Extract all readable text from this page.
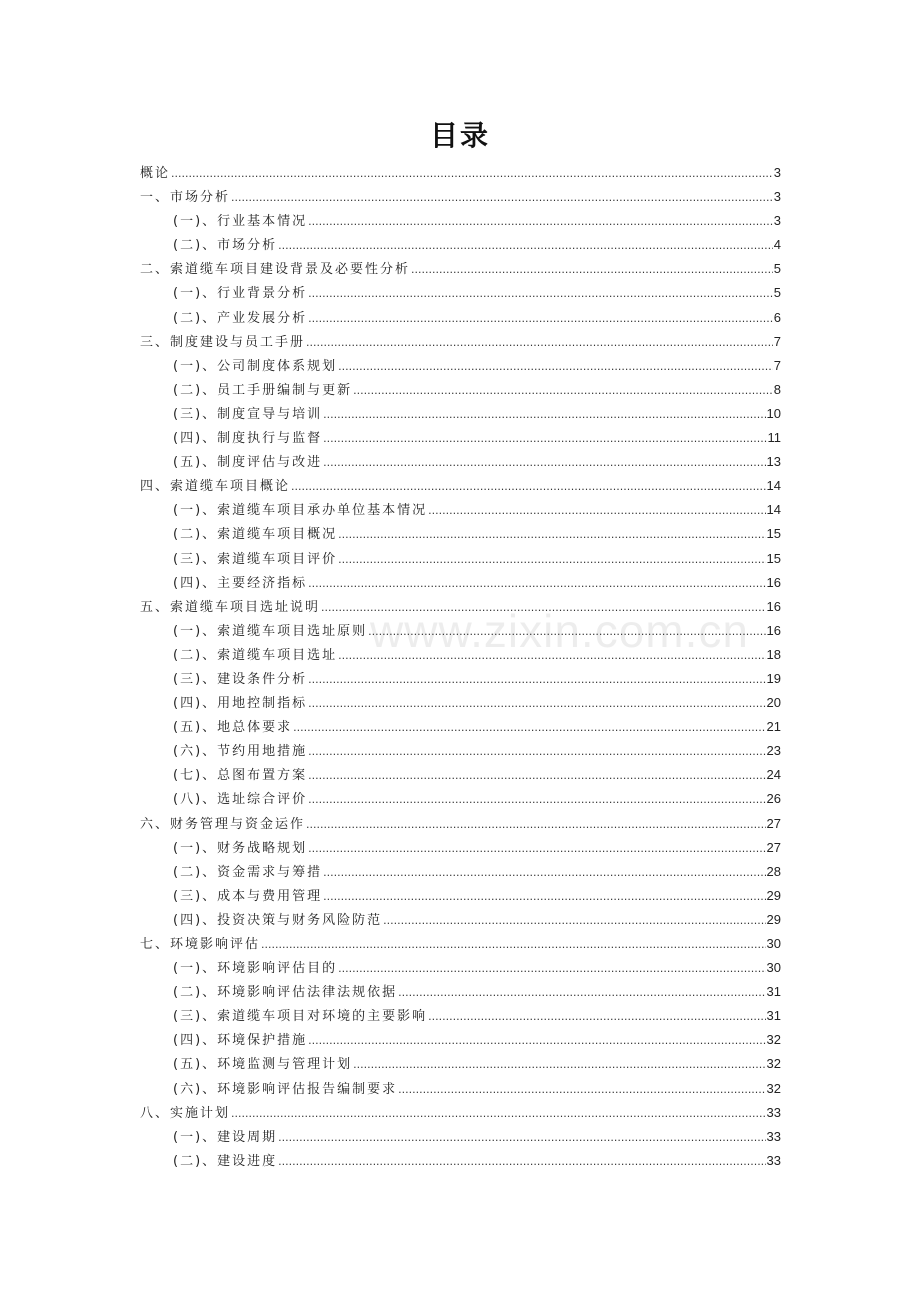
目录
www.zixin.com.cn
概论 .....	3
一、市场分析 .....	3
(一)、行业基本情况 .....	3
(二)、市场分析 .....	4
二、索道缆车项目建设背景及必要性分析 .....	5
(一)、行业背景分析 .....	5
(二)、产业发展分析 .....	6
三、制度建设与员工手册 .....	7
(一)、公司制度体系规划 .....	7
(二)、员工手册编制与更新 .....	8
(三)、制度宣导与培训 .....	10
(四)、制度执行与监督 .....	11
(五)、制度评估与改进 .....	13
四、索道缆车项目概论 .....	14
(一)、索道缆车项目承办单位基本情况 .....	14
(二)、索道缆车项目概况 .....	15
(三)、索道缆车项目评价 .....	15
(四)、主要经济指标 .....	16
五、索道缆车项目选址说明 .....	16
(一)、索道缆车项目选址原则 .....	16
(二)、索道缆车项目选址 .....	18
(三)、建设条件分析 .....	19
(四)、用地控制指标 .....	20
(五)、地总体要求 .....	21
(六)、节约用地措施 .....	23
(七)、总图布置方案 .....	24
(八)、选址综合评价 .....	26
六、财务管理与资金运作 .....	27
(一)、财务战略规划 .....	27
(二)、资金需求与筹措 .....	28
(三)、成本与费用管理 .....	29
(四)、投资决策与财务风险防范 .....	29
七、环境影响评估 .....	30
(一)、环境影响评估目的 .....	30
(二)、环境影响评估法律法规依据 .....	31
(三)、索道缆车项目对环境的主要影响 .....	31
(四)、环境保护措施 .....	32
(五)、环境监测与管理计划 .....	32
(六)、环境影响评估报告编制要求 .....	32
八、实施计划 .....	33
(一)、建设周期 .....	33
(二)、建设进度 .....	33
